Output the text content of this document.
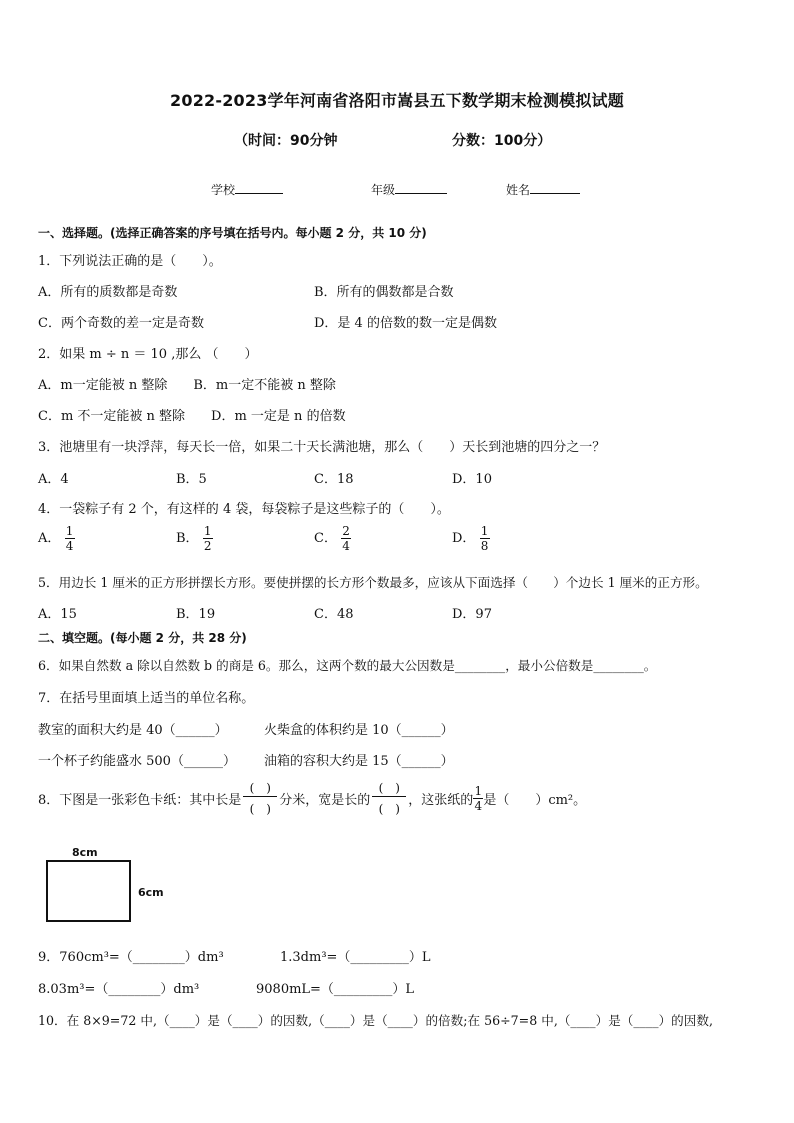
2022-2023学年河南省洛阳市嵩县五下数学期末检测模拟试题
（时间：90分钟	分数：100分）
学校	年级	姓名
一、选择题。(选择正确答案的序号填在括号内。每小题 2 分，共 10 分)
1．下列说法正确的是（　　）。
A．所有的质数都是奇数	B．所有的偶数都是合数
C．两个奇数的差一定是奇数	D．是 4 的倍数的数一定是偶数
2．如果 m ÷ n ＝ 10 ,那么 （　　）
A．m一定能被 n 整除　　B．m一定不能被 n 整除
C．m 不一定能被 n 整除　　D．m 一定是 n 的倍数
3．池塘里有一块浮萍，每天长一倍，如果二十天长满池塘，那么（　　）天长到池塘的四分之一？
A．4	B．5	C．18	D．10
4．一袋粽子有 2 个，有这样的 4 袋，每袋粽子是这些粽子的（　　）。
A． $\frac{1}{4}$	B． $\frac{1}{2}$	C． $\frac{2}{4}$	D． $\frac{1}{8}$
5．用边长 1 厘米的正方形拼摆长方形。要使拼摆的长方形个数最多，应该从下面选择（　　）个边长 1 厘米的正方形。
A．15	B．19	C．48	D．97
二、填空题。(每小题 2 分，共 28 分)
6．如果自然数 a 除以自然数 b 的商是 6。那么，这两个数的最大公因数是________，最小公倍数是________。
7．在括号里面填上适当的单位名称。
教室的面积大约是 40（______）	火柴盒的体积约是 10（______）
一个杯子约能盛水 500（______） 油箱的容积大约是 15（______）
8．下图是一张彩色卡纸：其中长是
(　)
(　)
分米，宽是长的
(　)
(　)
，这张纸的 $\frac{1}{4}$ 是（　　）cm²。
8cm
6cm
9．760cm³=（________）dm³	1.3dm³=（_________）L
8.03m³=（________）dm³	9080mL=（_________）L
10．在 8×9=72 中,（____）是（____）的因数,（____）是（____）的倍数;在 56÷7=8 中,（____）是（____）的因数,
